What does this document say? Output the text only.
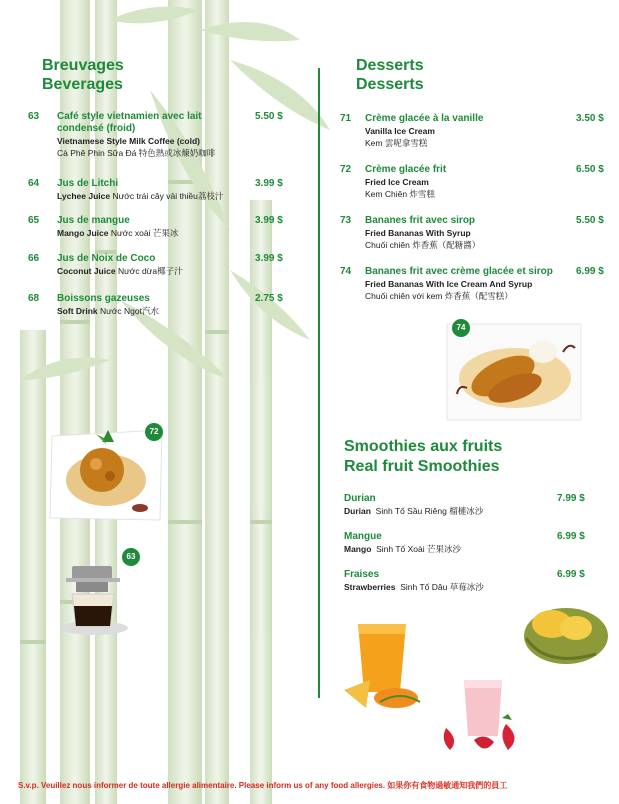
Breuvages
Beverages
63 Café style vietnamien avec lait condensé (froid)
Vietnamese Style Milk Coffee (cold)
Cà Phê Phin Sữa Đá 特色熱或冰煉奶咖啡
5.50 $
64 Jus de Litchi
Lychee Juice Nước trái cây vải thiều荔枝汁
3.99 $
65 Jus de mangue
Mango Juice Nước xoài 芒果冰
3.99 $
66 Jus de Noix de Coco
Coconut Juice Nước dừa椰子汁
3.99 $
68 Boissons gazeuses
Soft Drink Nước Ngọt汽水
2.75 $
72
63
Desserts
Desserts
71 Crème glacée à la vanille
Vanilla Ice Cream
Kem 雲呢拿雪糕
3.50 $
72 Crème glacée frit
Fried Ice Cream
Kem Chiên 炸雪糕
6.50 $
73 Bananes frit avec sirop
Fried Bananas With Syrup
Chuối chiên 炸香蕉（配糖醬）
5.50 $
74 Bananes frit avec crème glacée et sirop
Fried Bananas With Ice Cream And Syrup
Chuối chiên với kem 炸香蕉（配雪糕）
6.99 $
74
Smoothies aux fruits
Real fruit Smoothies
Durian
Durian Sinh Tố Sầu Riêng 榴槤冰沙
7.99 $
Mangue
Mango Sinh Tố Xoài 芒果冰沙
6.99 $
Fraises
Strawberries Sinh Tố Dâu 草莓冰沙
6.99 $
S.v.p. Veuillez nous informer de toute allergie alimentaire. Please inform us of any food allergies. 如果你有食物過敏通知我們的員工
